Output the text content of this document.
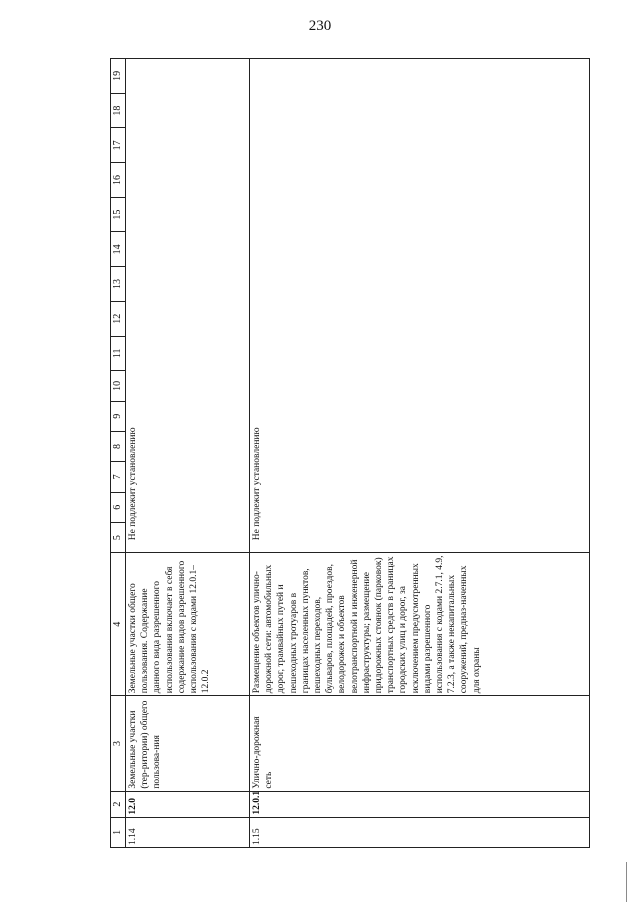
230
1	2	3	4	5	6	7	8	9	10	11	12	13	14	15	16	17	18	19
1.14	12.0	Земельные участки (тер-ритории) общего пользова-ния	Земельные участки общего пользования. Содержание данного вида разрешенного использования включает в себя содержание видов разрешенного использования с кодами 12.0.1–12.0.2	Не подлежит установлению														

1.15	12.0.1	Улично-дорожная сеть	Размещение объектов улично-дорожной сети: автомобильных дорог, трамвайных путей и пешеходных тротуаров в границах населенных пунктов, пешеходных переходов, бульваров, площадей, проездов, велодорожек и объектов велотранспортной и инженерной инфраструктуры; размещение придорожных стоянок (парковок) транспортных средств в границах городских улиц и дорог, за исключением предусмотренных видами разрешенного использования с кодами 2.7.1, 4.9, 7.2.3, а также некапитальных сооружений, предназ-наченных для охраны	Не подлежит установлению														
